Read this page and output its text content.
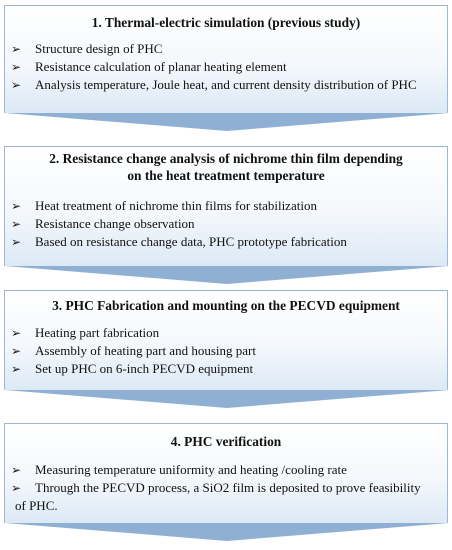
1. Thermal-electric simulation (previous study)

➢ Structure design of PHC
➢ Resistance calculation of planar heating element
➢ Analysis temperature, Joule heat, and current density distribution of PHC

2. Resistance change analysis of nichrome thin film depending

on the heat treatment temperature

➢ Heat treatment of nichrome thin films for stabilization
➢ Resistance change observation
➢ Based on resistance change data, PHC prototype fabrication

3. PHC Fabrication and mounting on the PECVD equipment

➢ Heating part fabrication
➢ Assembly of heating part and housing part
➢ Set up PHC on 6-inch PECVD equipment

4. PHC verification

➢ Measuring temperature uniformity and heating /cooling rate
➢ Through the PECVD process, a SiO2 film is deposited to prove feasibility
of PHC.
